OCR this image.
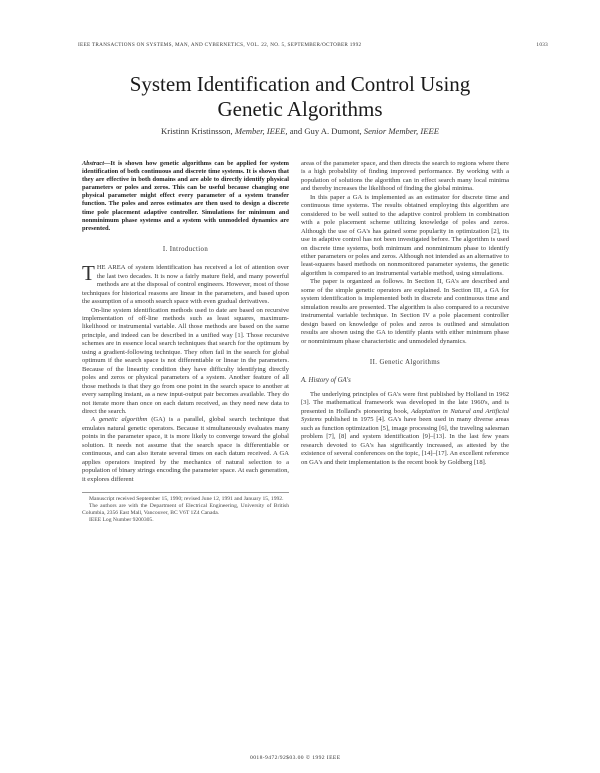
IEEE TRANSACTIONS ON SYSTEMS, MAN, AND CYBERNETICS, VOL. 22, NO. 5, SEPTEMBER/OCTOBER 1992	1033
System Identification and Control Using
Genetic Algorithms
Kristinn Kristinsson, Member, IEEE, and Guy A. Dumont, Senior Member, IEEE
Abstract—It is shown how genetic algorithms can be applied for system identification of both continuous and discrete time systems. It is shown that they are effective in both domains and are able to directly identify physical parameters or poles and zeros. This can be useful because changing one physical parameter might effect every parameter of a system transfer function. The poles and zeros estimates are then used to design a discrete time pole placement adaptive controller. Simulations for minimum and nonminimum phase systems and a system with unmodeled dynamics are presented.
I. Introduction

THE AREA of system identification has received a lot of attention over the last two decades. It is now a fairly mature field, and many powerful methods are at the disposal of control engineers. However, most of those techniques for historical reasons are linear in the parameters, and based upon the assumption of a smooth search space with even gradual derivatives.

On-line system identification methods used to date are based on recursive implementation of off-line methods such as least squares, maximum-likelihood or instrumental variable. All those methods are based on the same principle, and indeed can be described in a unified way [1]. Those recursive schemes are in essence local search techniques that search for the optimum by using a gradient-following technique. They often fail in the search for global optimum if the search space is not differentiable or linear in the parameters. Because of the linearity condition they have difficulty identifying directly poles and zeros or physical parameters of a system. Another feature of all those methods is that they go from one point in the search space to another at every sampling instant, as a new input-output pair becomes available. They do not iterate more than once on each datum received, as they need new data to direct the search.

A genetic algorithm (GA) is a parallel, global search technique that emulates natural genetic operators. Because it simultaneously evaluates many points in the parameter space, it is more likely to converge toward the global solution. It needs not assume that the search space is differentiable or continuous, and can also iterate several times on each datum received. A GA applies operators inspired by the mechanics of natural selection to a population of binary strings encoding the parameter space. At each generation, it explores different

Manuscript received September 15, 1990; revised June 12, 1991 and January 15, 1992.

The authors are with the Department of Electrical Engineering, University of British Columbia, 2356 East Mall, Vancouver, BC V6T 1Z4 Canada.

IEEE Log Number 9200305.

areas of the parameter space, and then directs the search to regions where there is a high probability of finding improved performance. By working with a population of solutions the algorithm can in effect search many local minima and thereby increases the likelihood of finding the global minima.

In this paper a GA is implemented as an estimator for discrete time and continuous time systems. The results obtained employing this algorithm are considered to be well suited to the adaptive control problem in combination with a pole placement scheme utilizing knowledge of poles and zeros. Although the use of GA's has gained some popularity in optimization [2], its use in adaptive control has not been investigated before. The algorithm is used on discrete time systems, both minimum and nonminimum phase to identify either parameters or poles and zeros. Although not intended as an alternative to least-squares based methods on nonmonitored parameter systems, the genetic algorithm is compared to an instrumental variable method, using simulations.

The paper is organized as follows. In Section II, GA's are described and some of the simple genetic operators are explained. In Section III, a GA for system identification is implemented both in discrete and continuous time and simulation results are presented. The algorithm is also compared to a recursive instrumental variable technique. In Section IV a pole placement controller design based on knowledge of poles and zeros is outlined and simulation results are shown using the GA to identify plants with either minimum phase or nonminimum phase characteristic and unmodeled dynamics.

II. Genetic Algorithms
A. History of GA's

The underlying principles of GA's were first published by Holland in 1962 [3]. The mathematical framework was developed in the late 1960's, and is presented in Holland's pioneering book, Adaptation in Natural and Artificial Systems published in 1975 [4]. GA's have been used in many diverse areas such as function optimization [5], image processing [6], the traveling salesman problem [7], [8] and system identification [9]–[13]. In the last few years research devoted to GA's has significantly increased, as attested by the existence of several conferences on the topic, [14]–[17]. An excellent reference on GA's and their implementation is the recent book by Goldberg [18].

0018-9472/92$03.00 © 1992 IEEE
